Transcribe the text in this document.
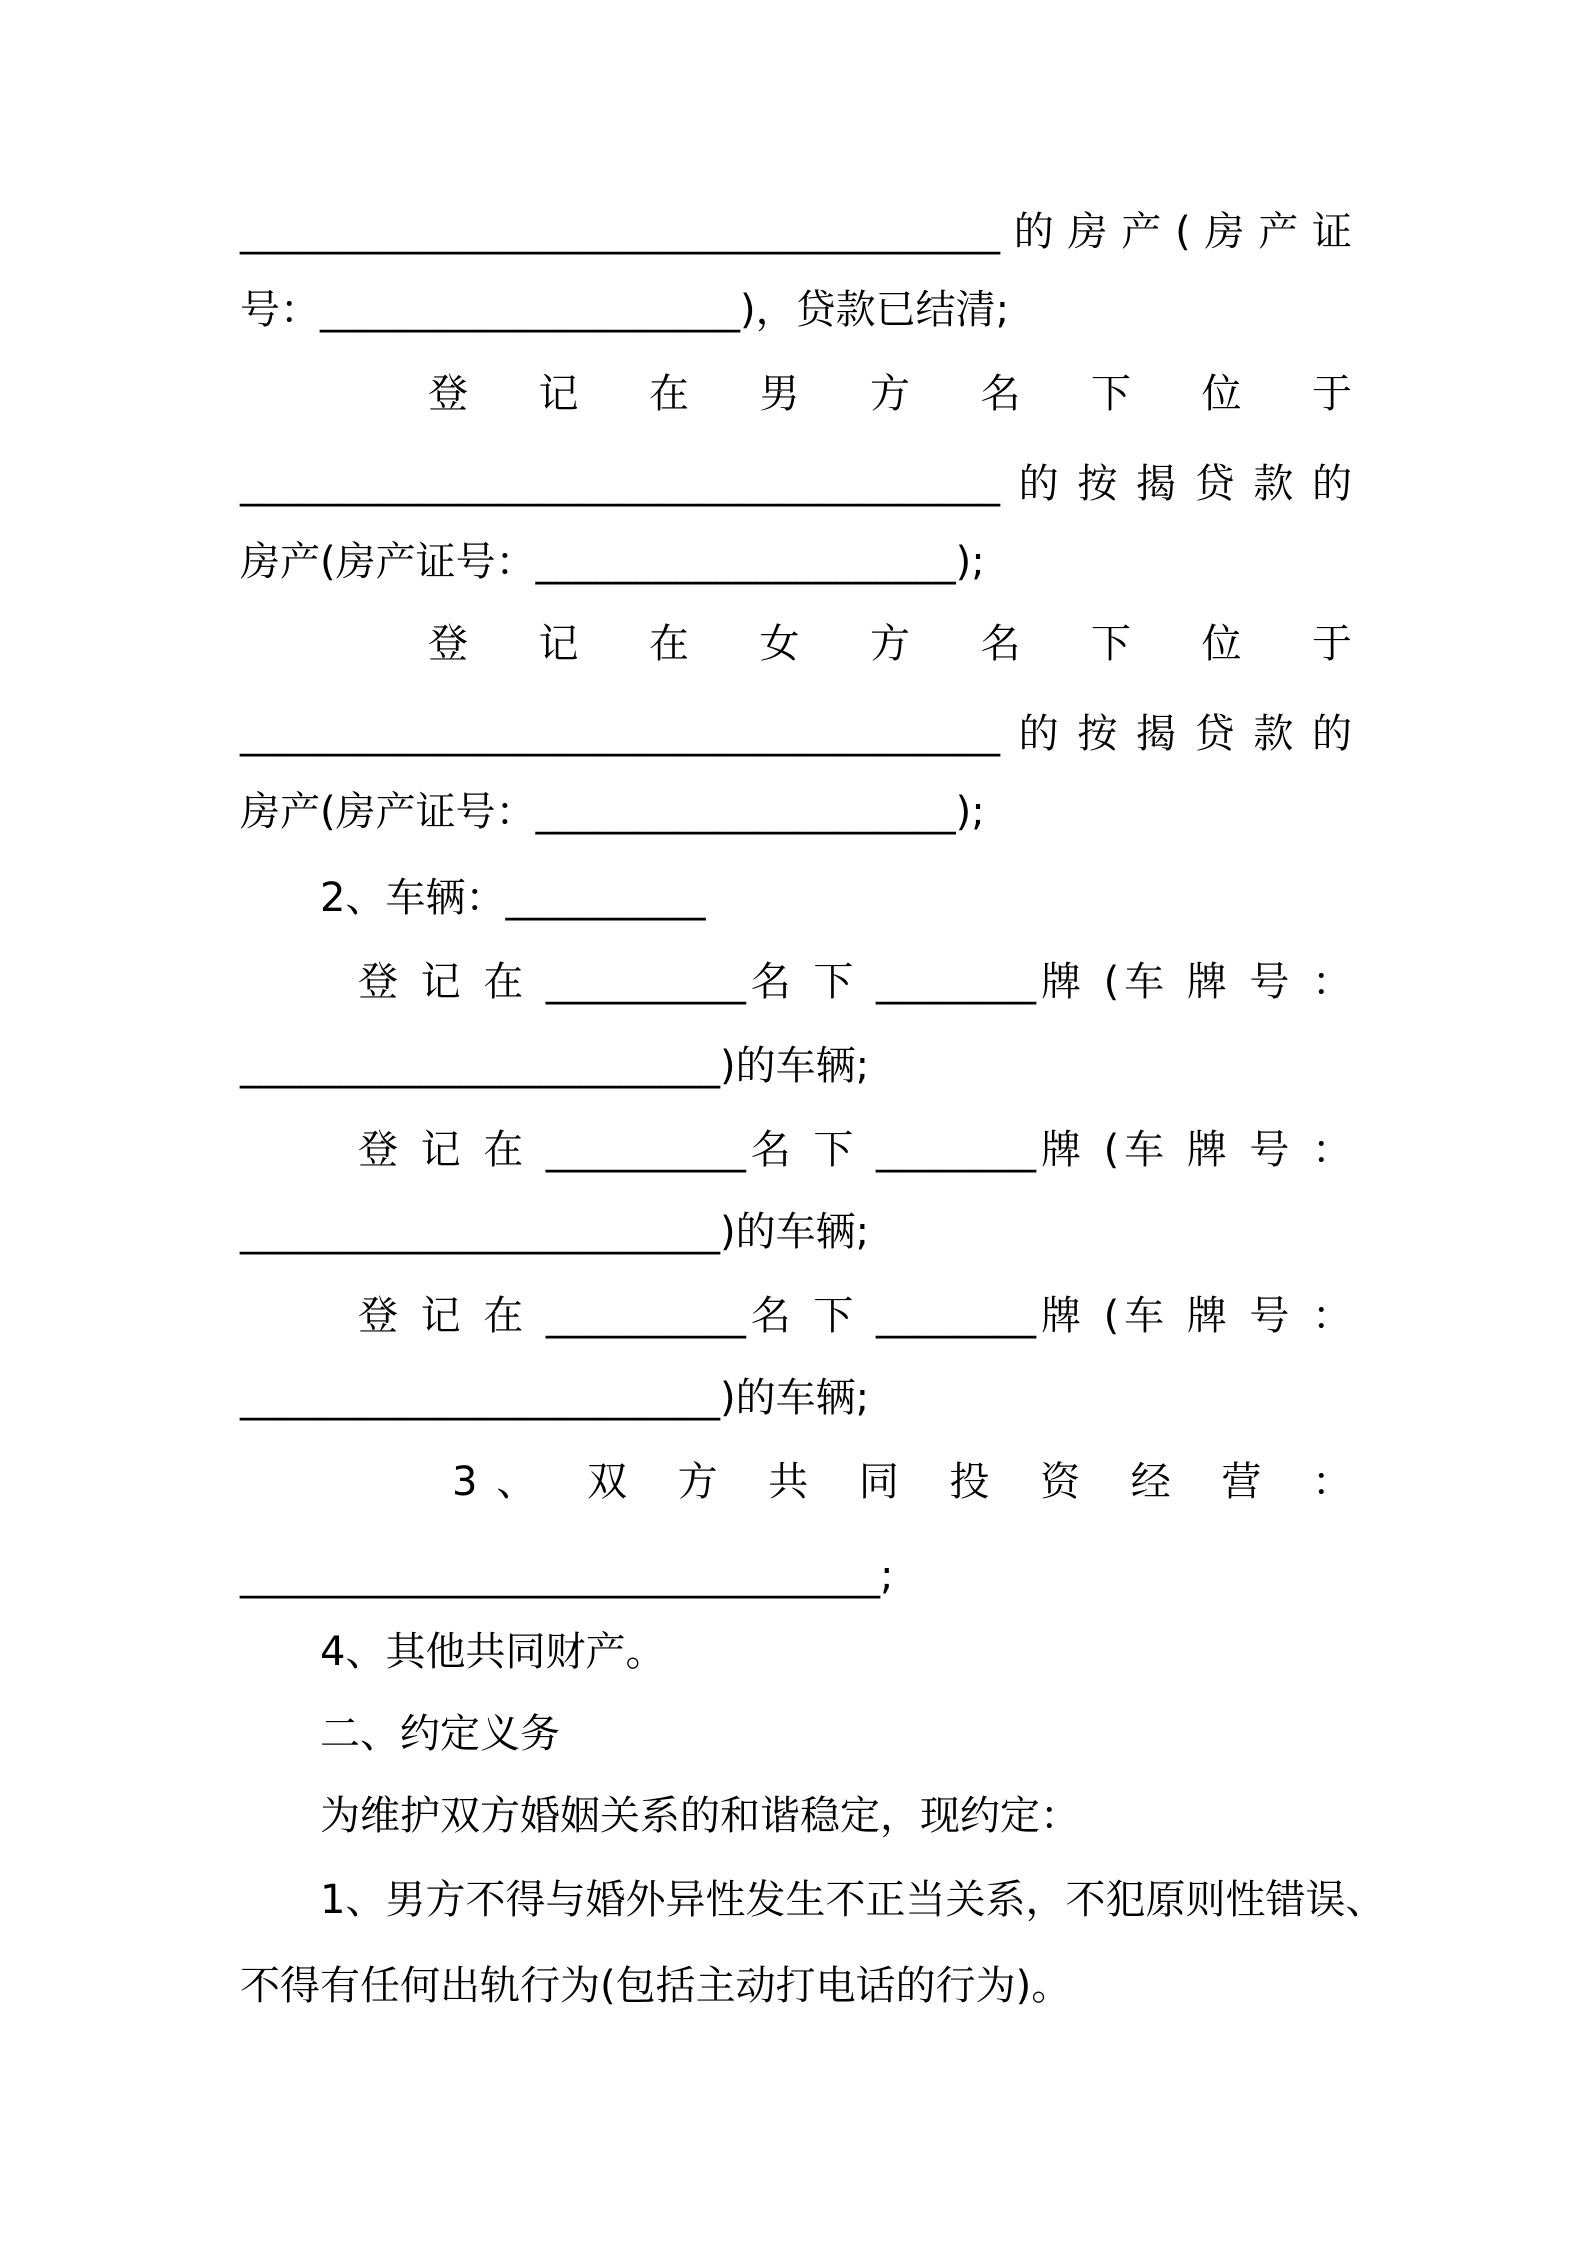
______________________________________的房产(房产证
号：_____________________)，贷款已结清;
登 记 在 男 方 名 下 位 于
______________________________________的按揭贷款的
房产(房产证号：_____________________);
登 记 在 女 方 名 下 位 于
______________________________________的按揭贷款的
房产(房产证号：_____________________);
2、车辆：__________
登 记 在 __________名 下 ________牌 (车 牌 号 ：
________________________)的车辆;
登 记 在 __________名 下 ________牌 (车 牌 号 ：
________________________)的车辆;
登 记 在 __________名 下 ________牌 (车 牌 号 ：
________________________)的车辆;
3、 双 方 共 同 投 资 经 营 ：
________________________________;
4、其他共同财产。
二、约定义务
为维护双方婚姻关系的和谐稳定，现约定：
1、男方不得与婚外异性发生不正当关系，不犯原则性错误、
不得有任何出轨行为(包括主动打电话的行为)。
